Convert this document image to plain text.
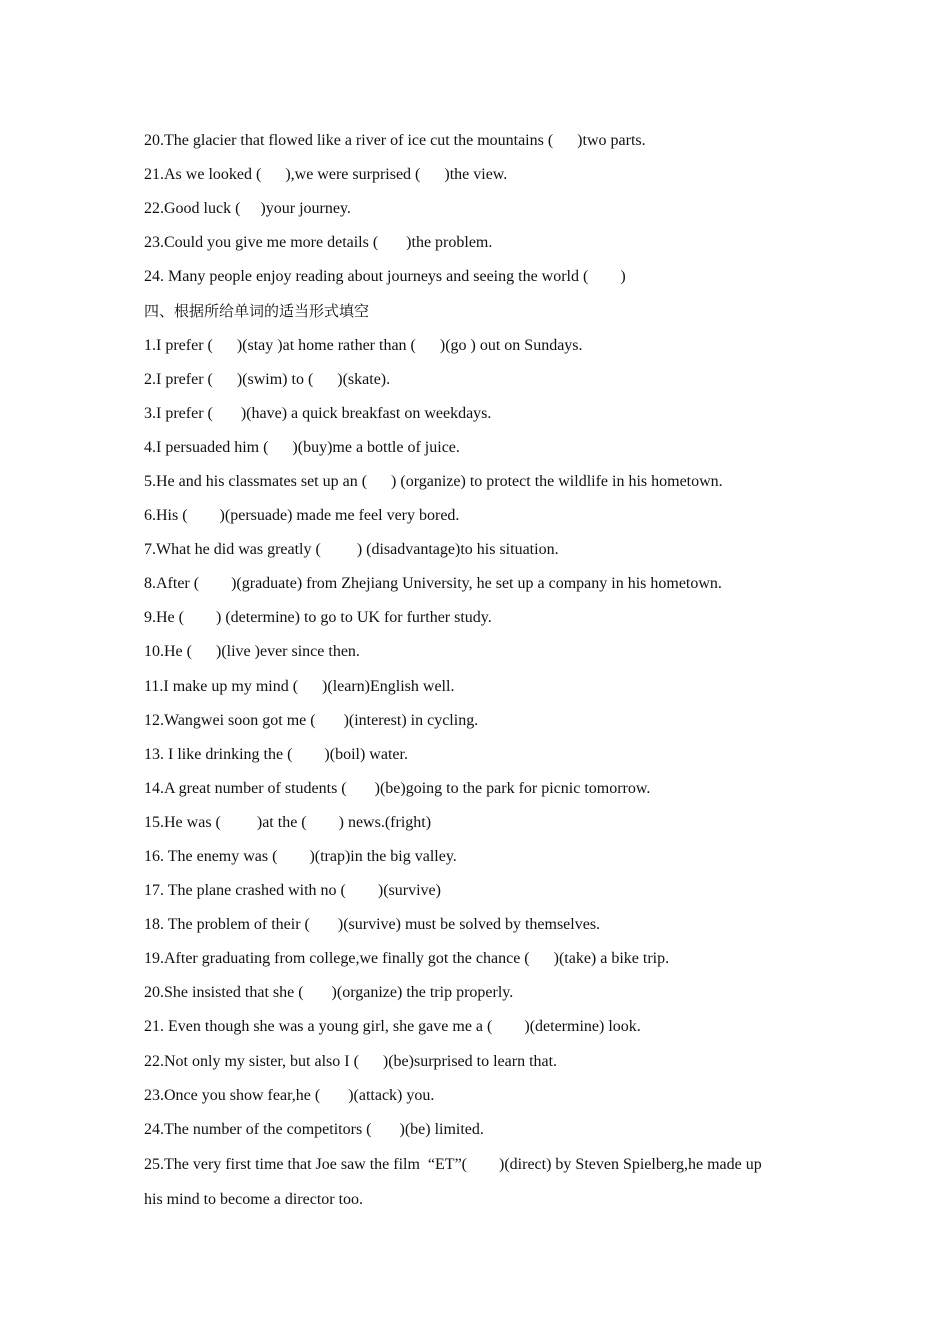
20.The glacier that flowed like a river of ice cut the mountains (      )two parts.

21.As we looked (      ),we were surprised (      )the view.

22.Good luck (     )your journey.

23.Could you give me more details (       )the problem.

24. Many people enjoy reading about journeys and seeing the world (        )

四、根据所给单词的适当形式填空

1.I prefer (      )(stay )at home rather than (      )(go ) out on Sundays.

2.I prefer (      )(swim) to (      )(skate).

3.I prefer (       )(have) a quick breakfast on weekdays.

4.I persuaded him (      )(buy)me a bottle of juice.

5.He and his classmates set up an (      ) (organize) to protect the wildlife in his hometown.

6.His (        )(persuade) made me feel very bored.

7.What he did was greatly (         ) (disadvantage)to his situation.

8.After (        )(graduate) from Zhejiang University, he set up a company in his hometown.

9.He (        ) (determine) to go to UK for further study.

10.He (      )(live )ever since then.

11.I make up my mind (      )(learn)English well.

12.Wangwei soon got me (       )(interest) in cycling.

13. I like drinking the (        )(boil) water.

14.A great number of students (       )(be)going to the park for picnic tomorrow.

15.He was (         )at the (        ) news.(fright)

16. The enemy was (        )(trap)in the big valley.

17. The plane crashed with no (        )(survive)

18. The problem of their (       )(survive) must be solved by themselves.

19.After graduating from college,we finally got the chance (      )(take) a bike trip.

20.She insisted that she (       )(organize) the trip properly.

21. Even though she was a young girl, she gave me a (        )(determine) look.

22.Not only my sister, but also I (      )(be)surprised to learn that.

23.Once you show fear,he (       )(attack) you.

24.The number of the competitors (       )(be) limited.

25.The very first time that Joe saw the film  “ET”(        )(direct) by Steven Spielberg,he made up

his mind to become a director too.
